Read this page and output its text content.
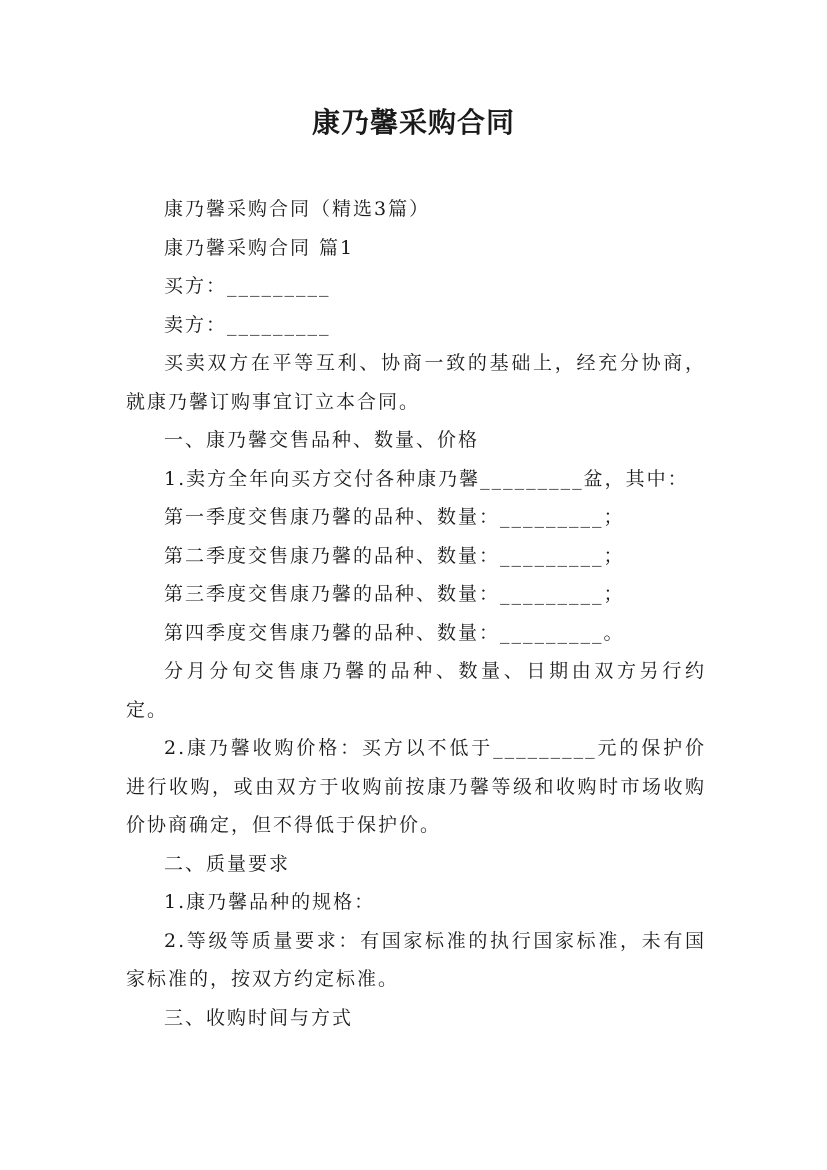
康乃馨采购合同

康乃馨采购合同（精选3篇）

康乃馨采购合同 篇1

买方：_________

卖方：_________

买卖双方在平等互利、协商一致的基础上，经充分协商，就康乃馨订购事宜订立本合同。

一、康乃馨交售品种、数量、价格

1.卖方全年向买方交付各种康乃馨_________盆，其中：

第一季度交售康乃馨的品种、数量：_________；

第二季度交售康乃馨的品种、数量：_________；

第三季度交售康乃馨的品种、数量：_________；

第四季度交售康乃馨的品种、数量：_________。

分月分旬交售康乃馨的品种、数量、日期由双方另行约定。

2.康乃馨收购价格：买方以不低于_________元的保护价进行收购，或由双方于收购前按康乃馨等级和收购时市场收购价协商确定，但不得低于保护价。

二、质量要求

1.康乃馨品种的规格：

2.等级等质量要求：有国家标准的执行国家标准，未有国家标准的，按双方约定标准。

三、收购时间与方式
